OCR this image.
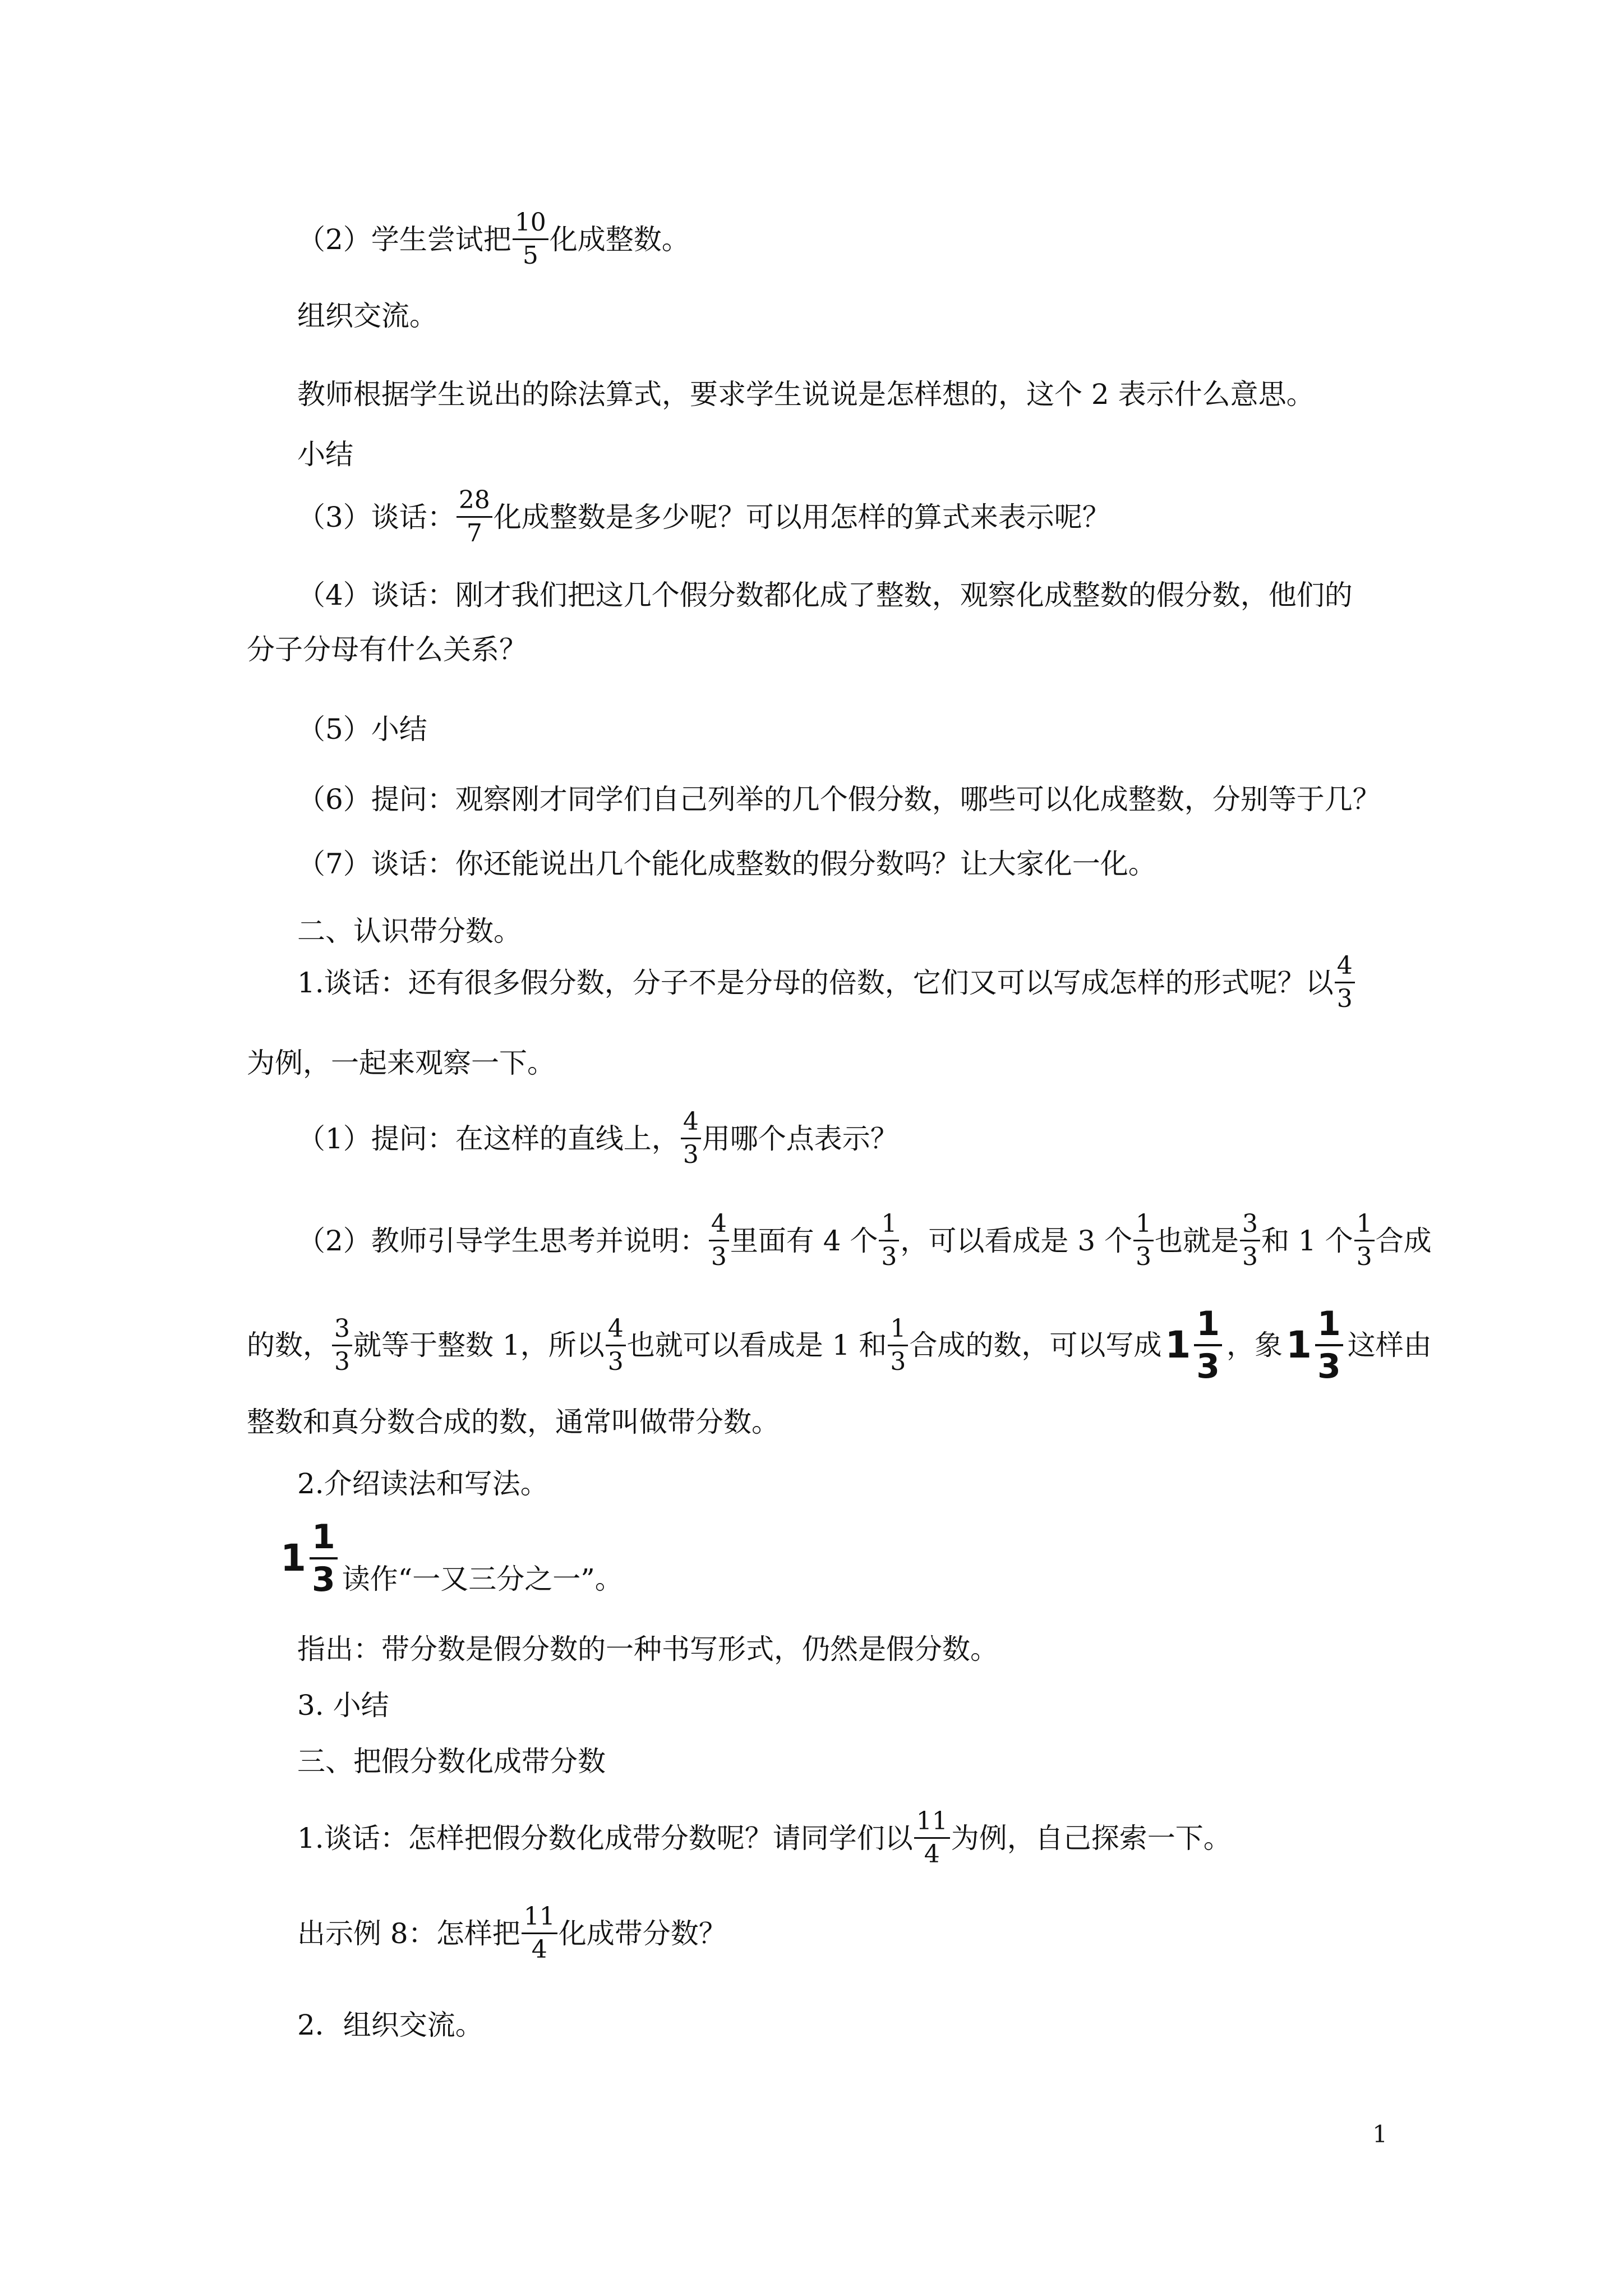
（2）学生尝试把 $\frac{10}{5}$ 化成整数。
组织交流。
教师根据学生说出的除法算式，要求学生说说是怎样想的，这个 2 表示什么意思。
小结
（3）谈话： $\frac{28}{7}$ 化成整数是多少呢？可以用怎样的算式来表示呢？
（4）谈话：刚才我们把这几个假分数都化成了整数，观察化成整数的假分数，他们的
分子分母有什么关系？
（5）小结
（6）提问：观察刚才同学们自己列举的几个假分数，哪些可以化成整数，分别等于几？
（7）谈话：你还能说出几个能化成整数的假分数吗？让大家化一化。
二、认识带分数。
1.谈话：还有很多假分数，分子不是分母的倍数，它们又可以写成怎样的形式呢？以 $\frac{4}{3}$
为例，一起来观察一下。
（1）提问：在这样的直线上， $\frac{4}{3}$ 用哪个点表示？
（2）教师引导学生思考并说明： $\frac{4}{3}$ 里面有 4 个 $\frac{1}{3}$ ，可以看成是 3 个 $\frac{1}{3}$ 也就是 $\frac{3}{3}$ 和 1 个 $\frac{1}{3}$ 合成
的数， $\frac{3}{3}$ 就等于整数 1，所以 $\frac{4}{3}$ 也就可以看成是 1 和 $\frac{1}{3}$ 合成的数，可以写成 $1 \frac{1}{3}$ ，象 $1 \frac{1}{3}$ 这样由
整数和真分数合成的数，通常叫做带分数。
2.介绍读法和写法。
$1 \frac{1}{3}$ 读作“一又三分之一”。
指出：带分数是假分数的一种书写形式，仍然是假分数。
3. 小结
三、把假分数化成带分数
1.谈话：怎样把假分数化成带分数呢？请同学们以 $\frac{11}{4}$ 为例，自己探索一下。
出示例 8：怎样把 $\frac{11}{4}$ 化成带分数？
2．组织交流。
1
